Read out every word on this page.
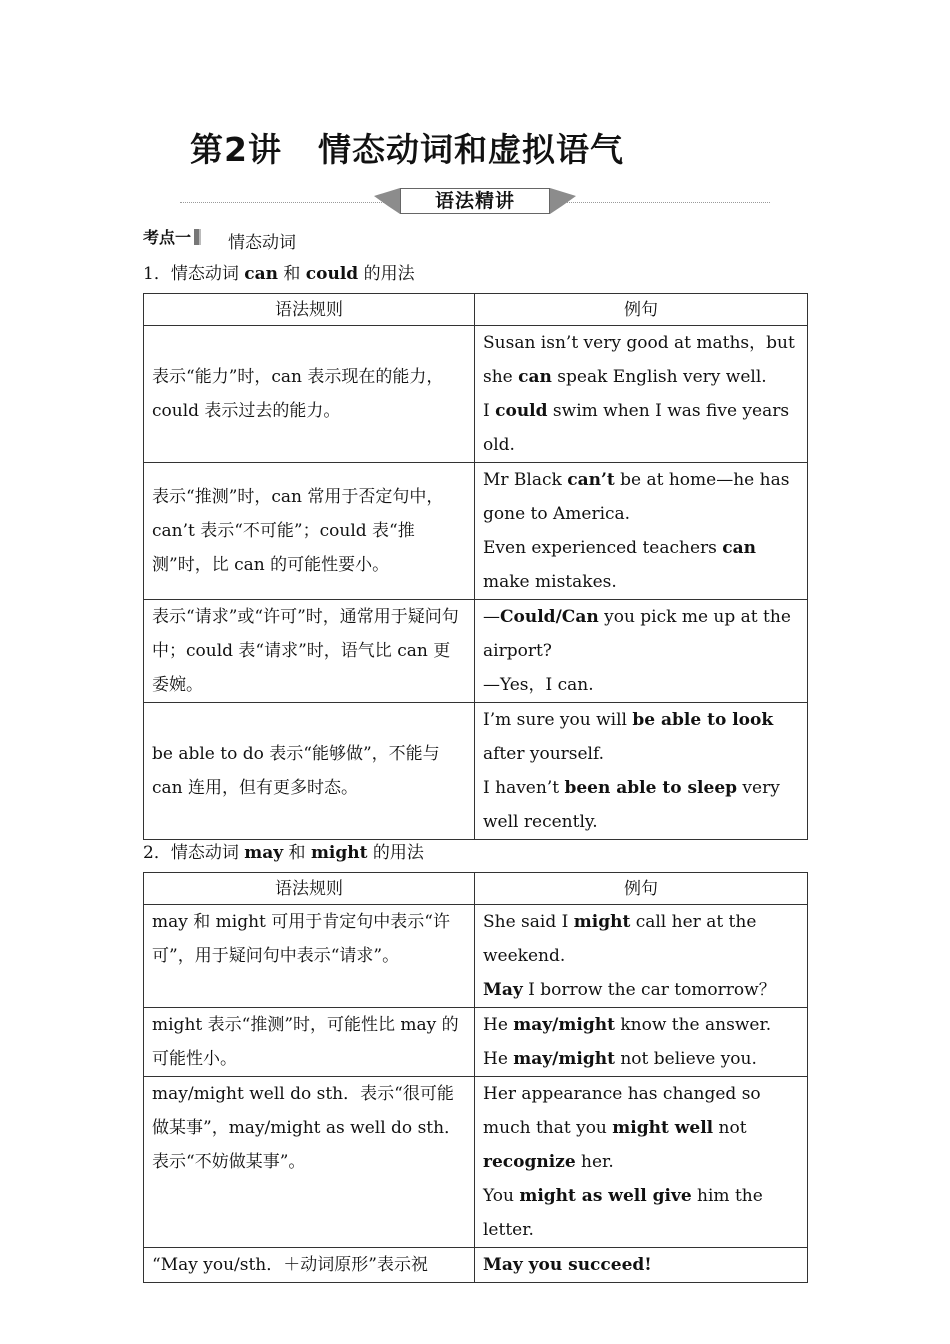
第2讲 情态动词和虚拟语气
语法精讲
考点一	情态动词
1．情态动词 can 和 could 的用法
语法规则	例句
表示“能力”时，can 表示现在的能力，could 表示过去的能力。	Susan isn’t very good at maths，but she can speak English very well.
I could swim when I was five years old.

表示“推测”时，can 常用于否定句中，can’t 表示“不可能”；could 表“推测”时，比 can 的可能性要小。	Mr Black can’t be at home—he has gone to America.
Even experienced teachers can make mistakes.

表示“请求”或“许可”时，通常用于疑问句中；could 表“请求”时，语气比 can 更委婉。	—Could/Can you pick me up at the airport?
—Yes，I can.

be able to do 表示“能够做”，不能与 can 连用，但有更多时态。	I’m sure you will be able to look after yourself.
I haven’t been able to sleep very well recently.
2．情态动词 may 和 might 的用法
语法规则	例句
may 和 might 可用于肯定句中表示“许可”，用于疑问句中表示“请求”。	She said I might call her at the weekend.
May I borrow the car tomorrow？

might 表示“推测”时，可能性比 may 的可能性小。	He may/might know the answer.
He may/might not believe you.

may/might well do sth．表示“很可能做某事”，may/might as well do sth．表示“不妨做某事”。	Her appearance has changed so much that you might well not recognize her.
You might as well give him the letter.

“May you/sth．＋动词原形”表示祝	May you succeed!
